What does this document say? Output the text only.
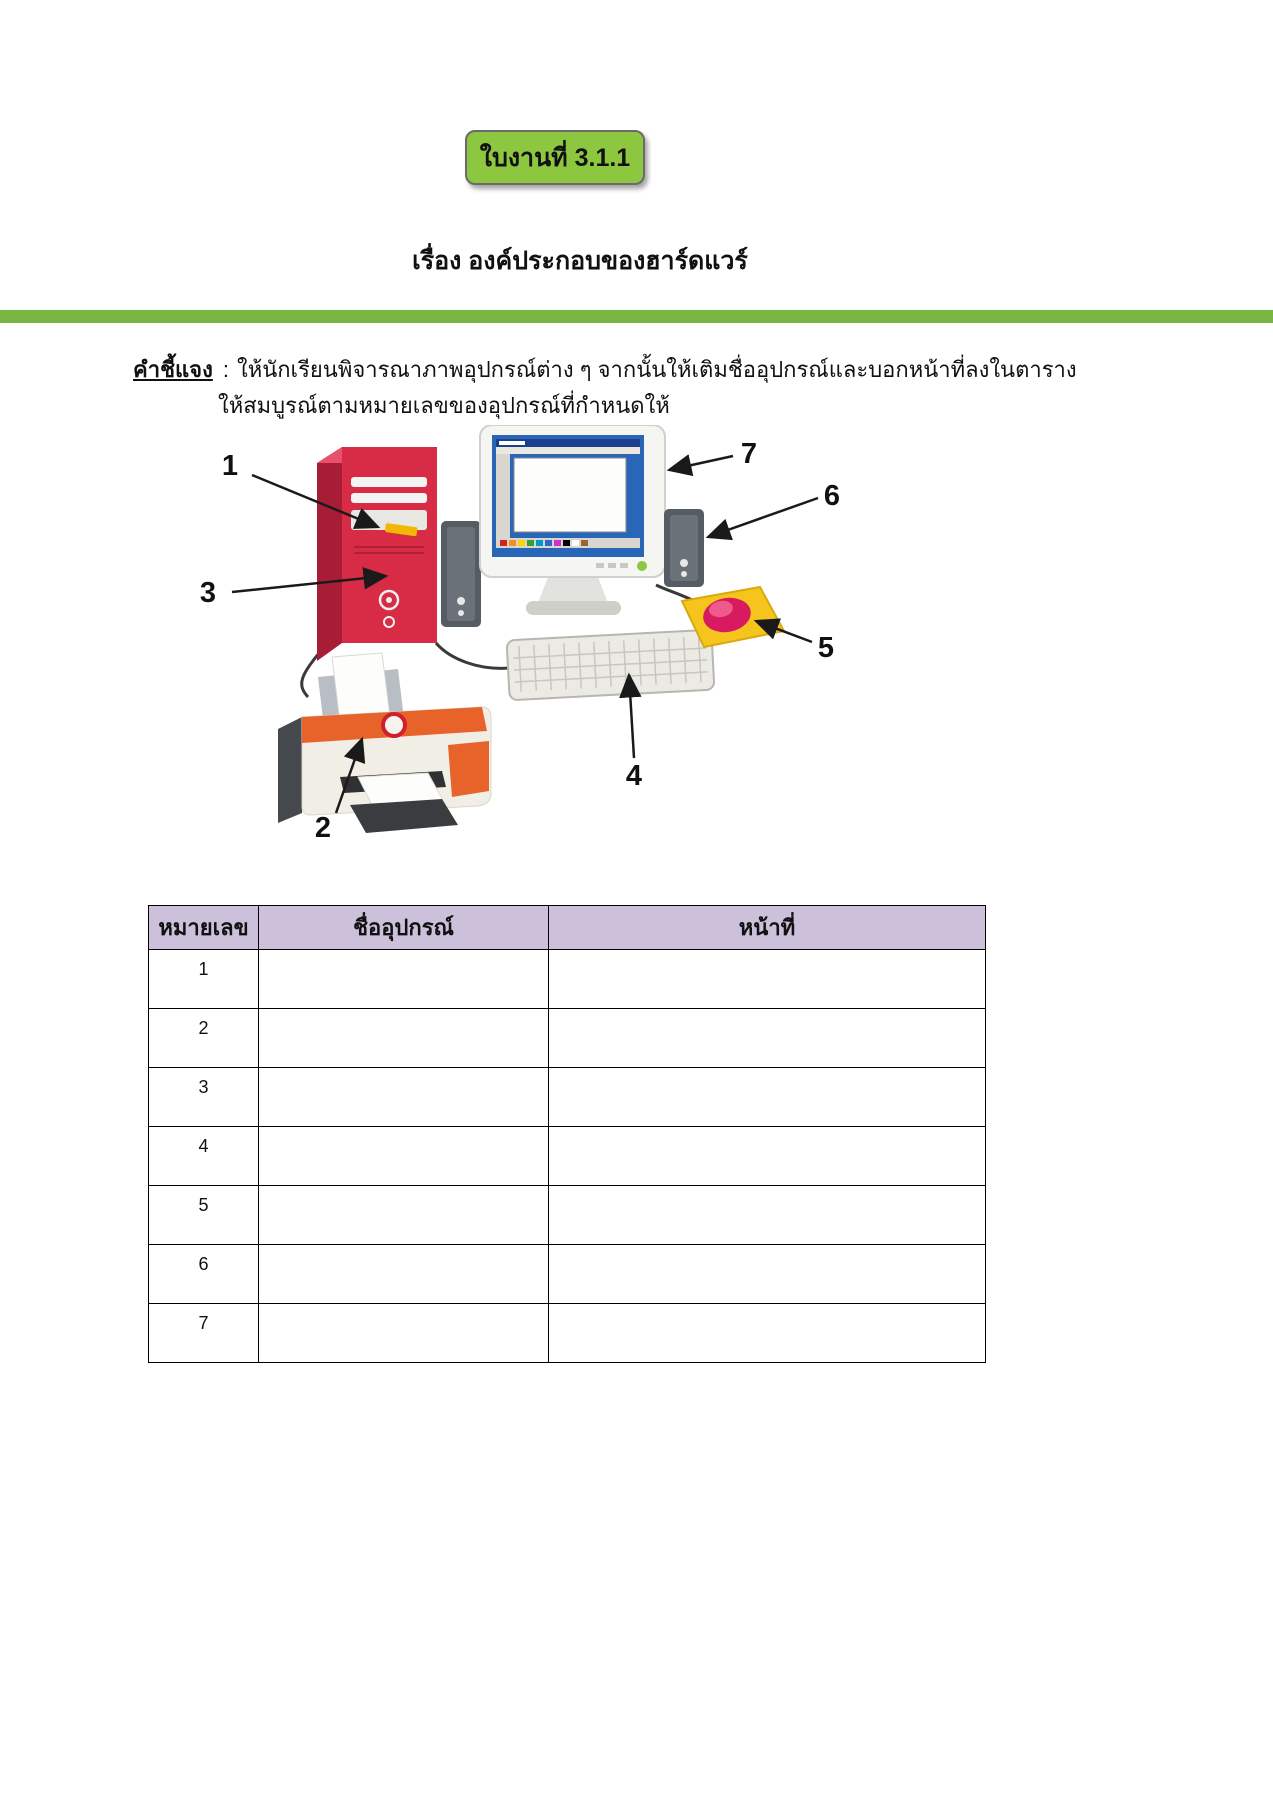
ใบงานที่ 3.1.1
เรื่อง องค์ประกอบของฮาร์ดแวร์
คำชี้แจง : ให้นักเรียนพิจารณาภาพอุปกรณ์ต่าง ๆ จากนั้นให้เติมชื่ออุปกรณ์และบอกหน้าที่ลงในตาราง
ให้สมบูรณ์ตามหมายเลขของอุปกรณ์ที่กำหนดให้
1
2
3
4
5
6
7
หมายเลข	ชื่ออุปกรณ์	หน้าที่
1		
2		
3		
4		
5		
6		
7		
